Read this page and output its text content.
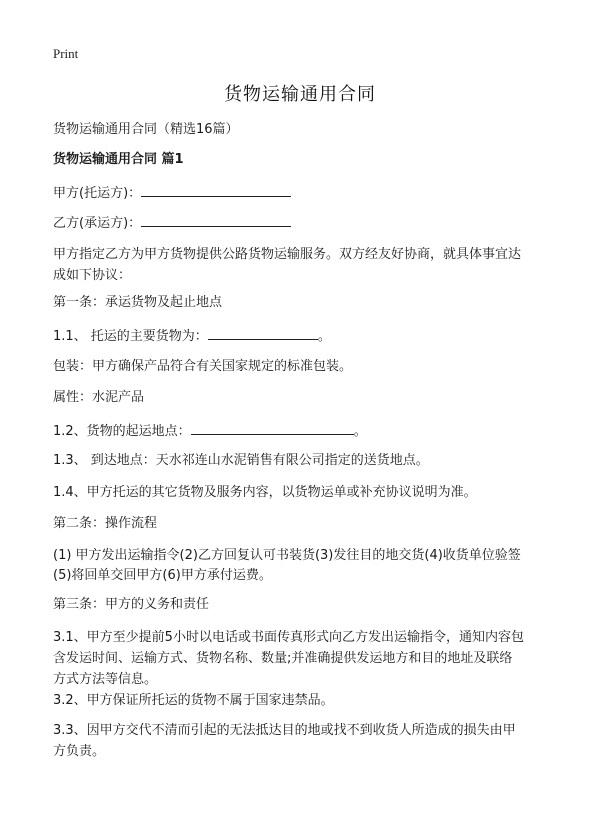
Print
货物运输通用合同
货物运输通用合同（精选16篇）
货物运输通用合同 篇1
甲方(托运方)：
乙方(承运方)：
甲方指定乙方为甲方货物提供公路货物运输服务。双方经友好协商，就具体事宜达
成如下协议：
第一条：承运货物及起止地点
1.1、 托运的主要货物为：	。
包装：甲方确保产品符合有关国家规定的标准包装。
属性：水泥产品
1.2、货物的起运地点：	。
1.3、 到达地点：天水祁连山水泥销售有限公司指定的送货地点。
1.4、甲方托运的其它货物及服务内容，以货物运单或补充协议说明为准。
第二条：操作流程
(1) 甲方发出运输指令(2)乙方回复认可书装货(3)发往目的地交货(4)收货单位验签
(5)将回单交回甲方(6)甲方承付运费。
第三条：甲方的义务和责任
3.1、甲方至少提前5小时以电话或书面传真形式向乙方发出运输指令，通知内容包
含发运时间、运输方式、货物名称、数量;并准确提供发运地方和目的地址及联络
方式方法等信息。
3.2、甲方保证所托运的货物不属于国家违禁品。
3.3、因甲方交代不清而引起的无法抵达目的地或找不到收货人所造成的损失由甲
方负责。
